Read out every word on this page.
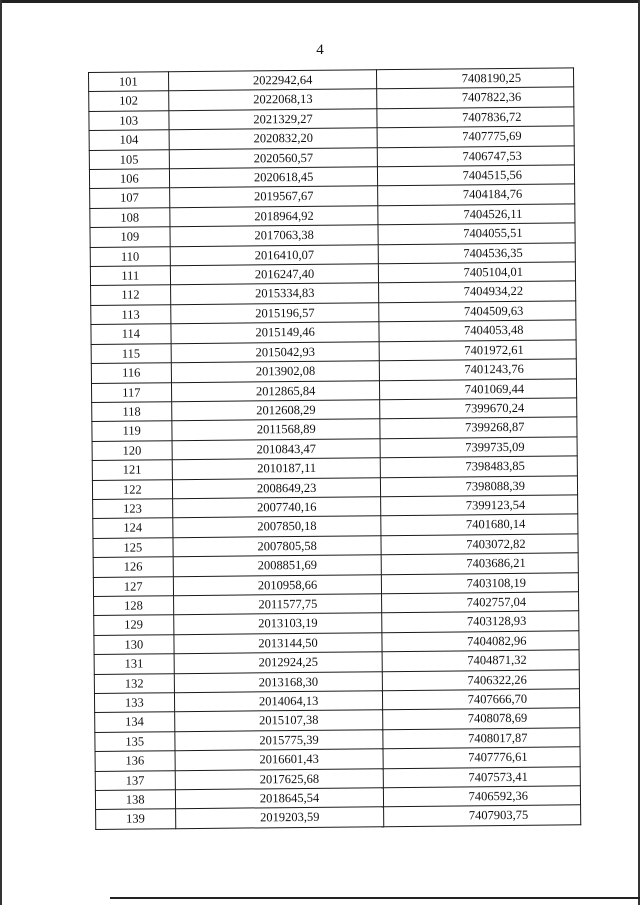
4
101	2022942,64	7408190,25
102	2022068,13	7407822,36
103	2021329,27	7407836,72
104	2020832,20	7407775,69
105	2020560,57	7406747,53
106	2020618,45	7404515,56
107	2019567,67	7404184,76
108	2018964,92	7404526,11
109	2017063,38	7404055,51
110	2016410,07	7404536,35
111	2016247,40	7405104,01
112	2015334,83	7404934,22
113	2015196,57	7404509,63
114	2015149,46	7404053,48
115	2015042,93	7401972,61
116	2013902,08	7401243,76
117	2012865,84	7401069,44
118	2012608,29	7399670,24
119	2011568,89	7399268,87
120	2010843,47	7399735,09
121	2010187,11	7398483,85
122	2008649,23	7398088,39
123	2007740,16	7399123,54
124	2007850,18	7401680,14
125	2007805,58	7403072,82
126	2008851,69	7403686,21
127	2010958,66	7403108,19
128	2011577,75	7402757,04
129	2013103,19	7403128,93
130	2013144,50	7404082,96
131	2012924,25	7404871,32
132	2013168,30	7406322,26
133	2014064,13	7407666,70
134	2015107,38	7408078,69
135	2015775,39	7408017,87
136	2016601,43	7407776,61
137	2017625,68	7407573,41
138	2018645,54	7406592,36
139	2019203,59	7407903,75
